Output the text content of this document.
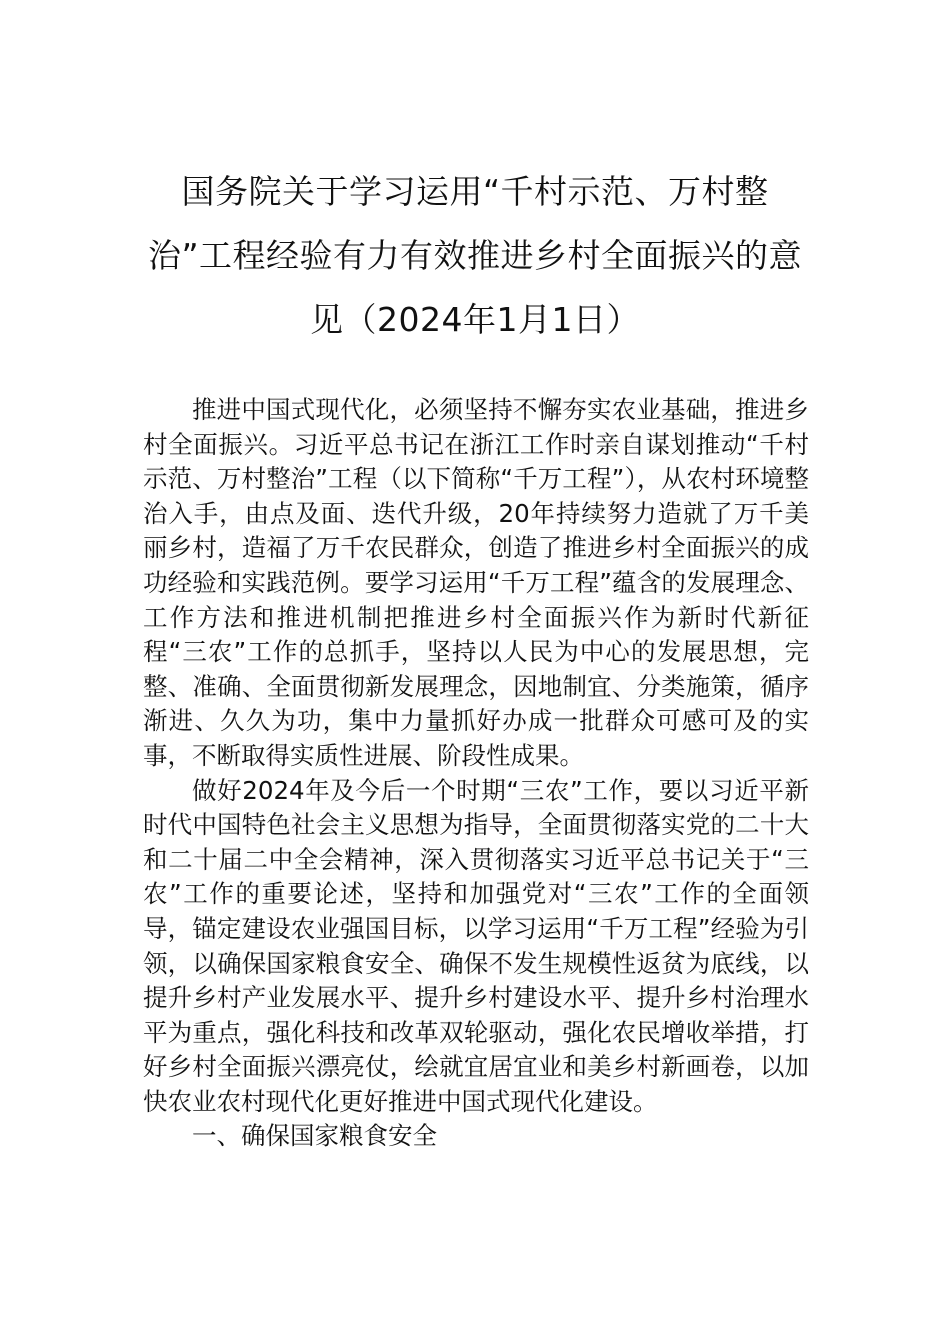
国务院关于学习运用“千村示范、万村整治”工程经验有力有效推进乡村全面振兴的意见（2024年1月1日）

推进中国式现代化，必须坚持不懈夯实农业基础，推进乡村全面振兴。习近平总书记在浙江工作时亲自谋划推动“千村示范、万村整治”工程（以下简称“千万工程”），从农村环境整治入手，由点及面、迭代升级，20年持续努力造就了万千美丽乡村，造福了万千农民群众，创造了推进乡村全面振兴的成功经验和实践范例。要学习运用“千万工程”蕴含的发展理念、工作方法和推进机制把推进乡村全面振兴作为新时代新征程“三农”工作的总抓手，坚持以人民为中心的发展思想，完整、准确、全面贯彻新发展理念，因地制宜、分类施策，循序渐进、久久为功，集中力量抓好办成一批群众可感可及的实事，不断取得实质性进展、阶段性成果。

做好2024年及今后一个时期“三农”工作，要以习近平新时代中国特色社会主义思想为指导，全面贯彻落实党的二十大和二十届二中全会精神，深入贯彻落实习近平总书记关于“三农”工作的重要论述，坚持和加强党对“三农”工作的全面领导，锚定建设农业强国目标，以学习运用“千万工程”经验为引领，以确保国家粮食安全、确保不发生规模性返贫为底线，以提升乡村产业发展水平、提升乡村建设水平、提升乡村治理水平为重点，强化科技和改革双轮驱动，强化农民增收举措，打好乡村全面振兴漂亮仗，绘就宜居宜业和美乡村新画卷，以加快农业农村现代化更好推进中国式现代化建设。

一、确保国家粮食安全
